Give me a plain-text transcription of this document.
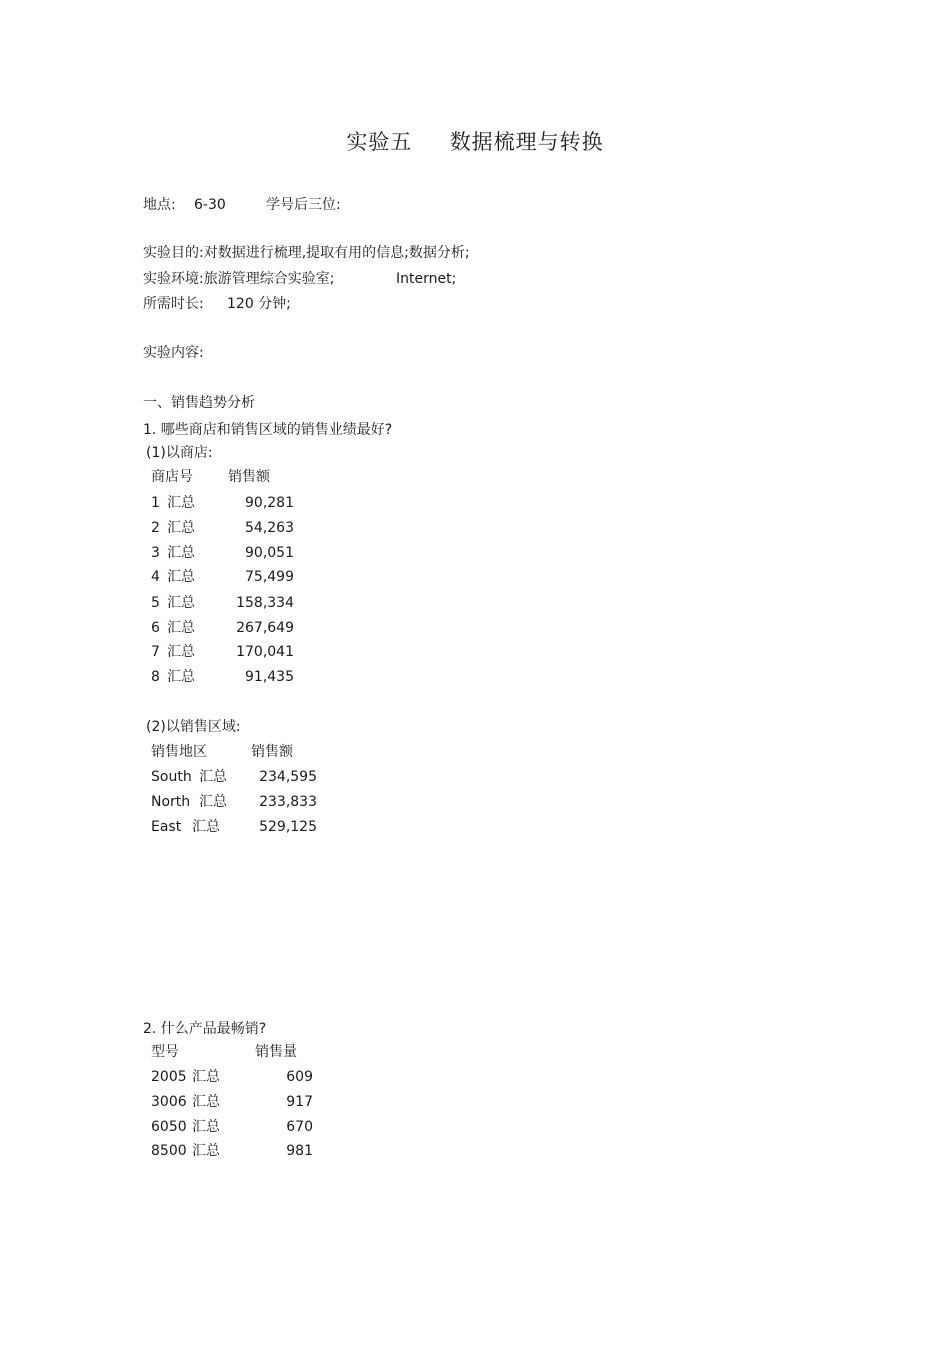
实验五 数据梳理与转换
地点: 6-30	学号后三位:
实验目的:对数据进行梳理,提取有用的信息;数据分析;
实验环境:旅游管理综合实验室;	Internet;
所需时长: 120 分钟;
实验内容:
一、销售趋势分析
1. 哪些商店和销售区域的销售业绩最好?
(1)以商店:
商店号	销售额
1 汇总	90,281
2 汇总	54,263
3 汇总	90,051
4 汇总	75,499
5 汇总	158,334
6 汇总	267,649
7 汇总	170,041
8 汇总	91,435
(2)以销售区域:
销售地区	销售额
South 汇总	234,595
North 汇总	233,833
East 汇总	529,125
2. 什么产品最畅销?
型号	销售量
2005 汇总	609
3006 汇总	917
6050 汇总	670
8500 汇总	981
